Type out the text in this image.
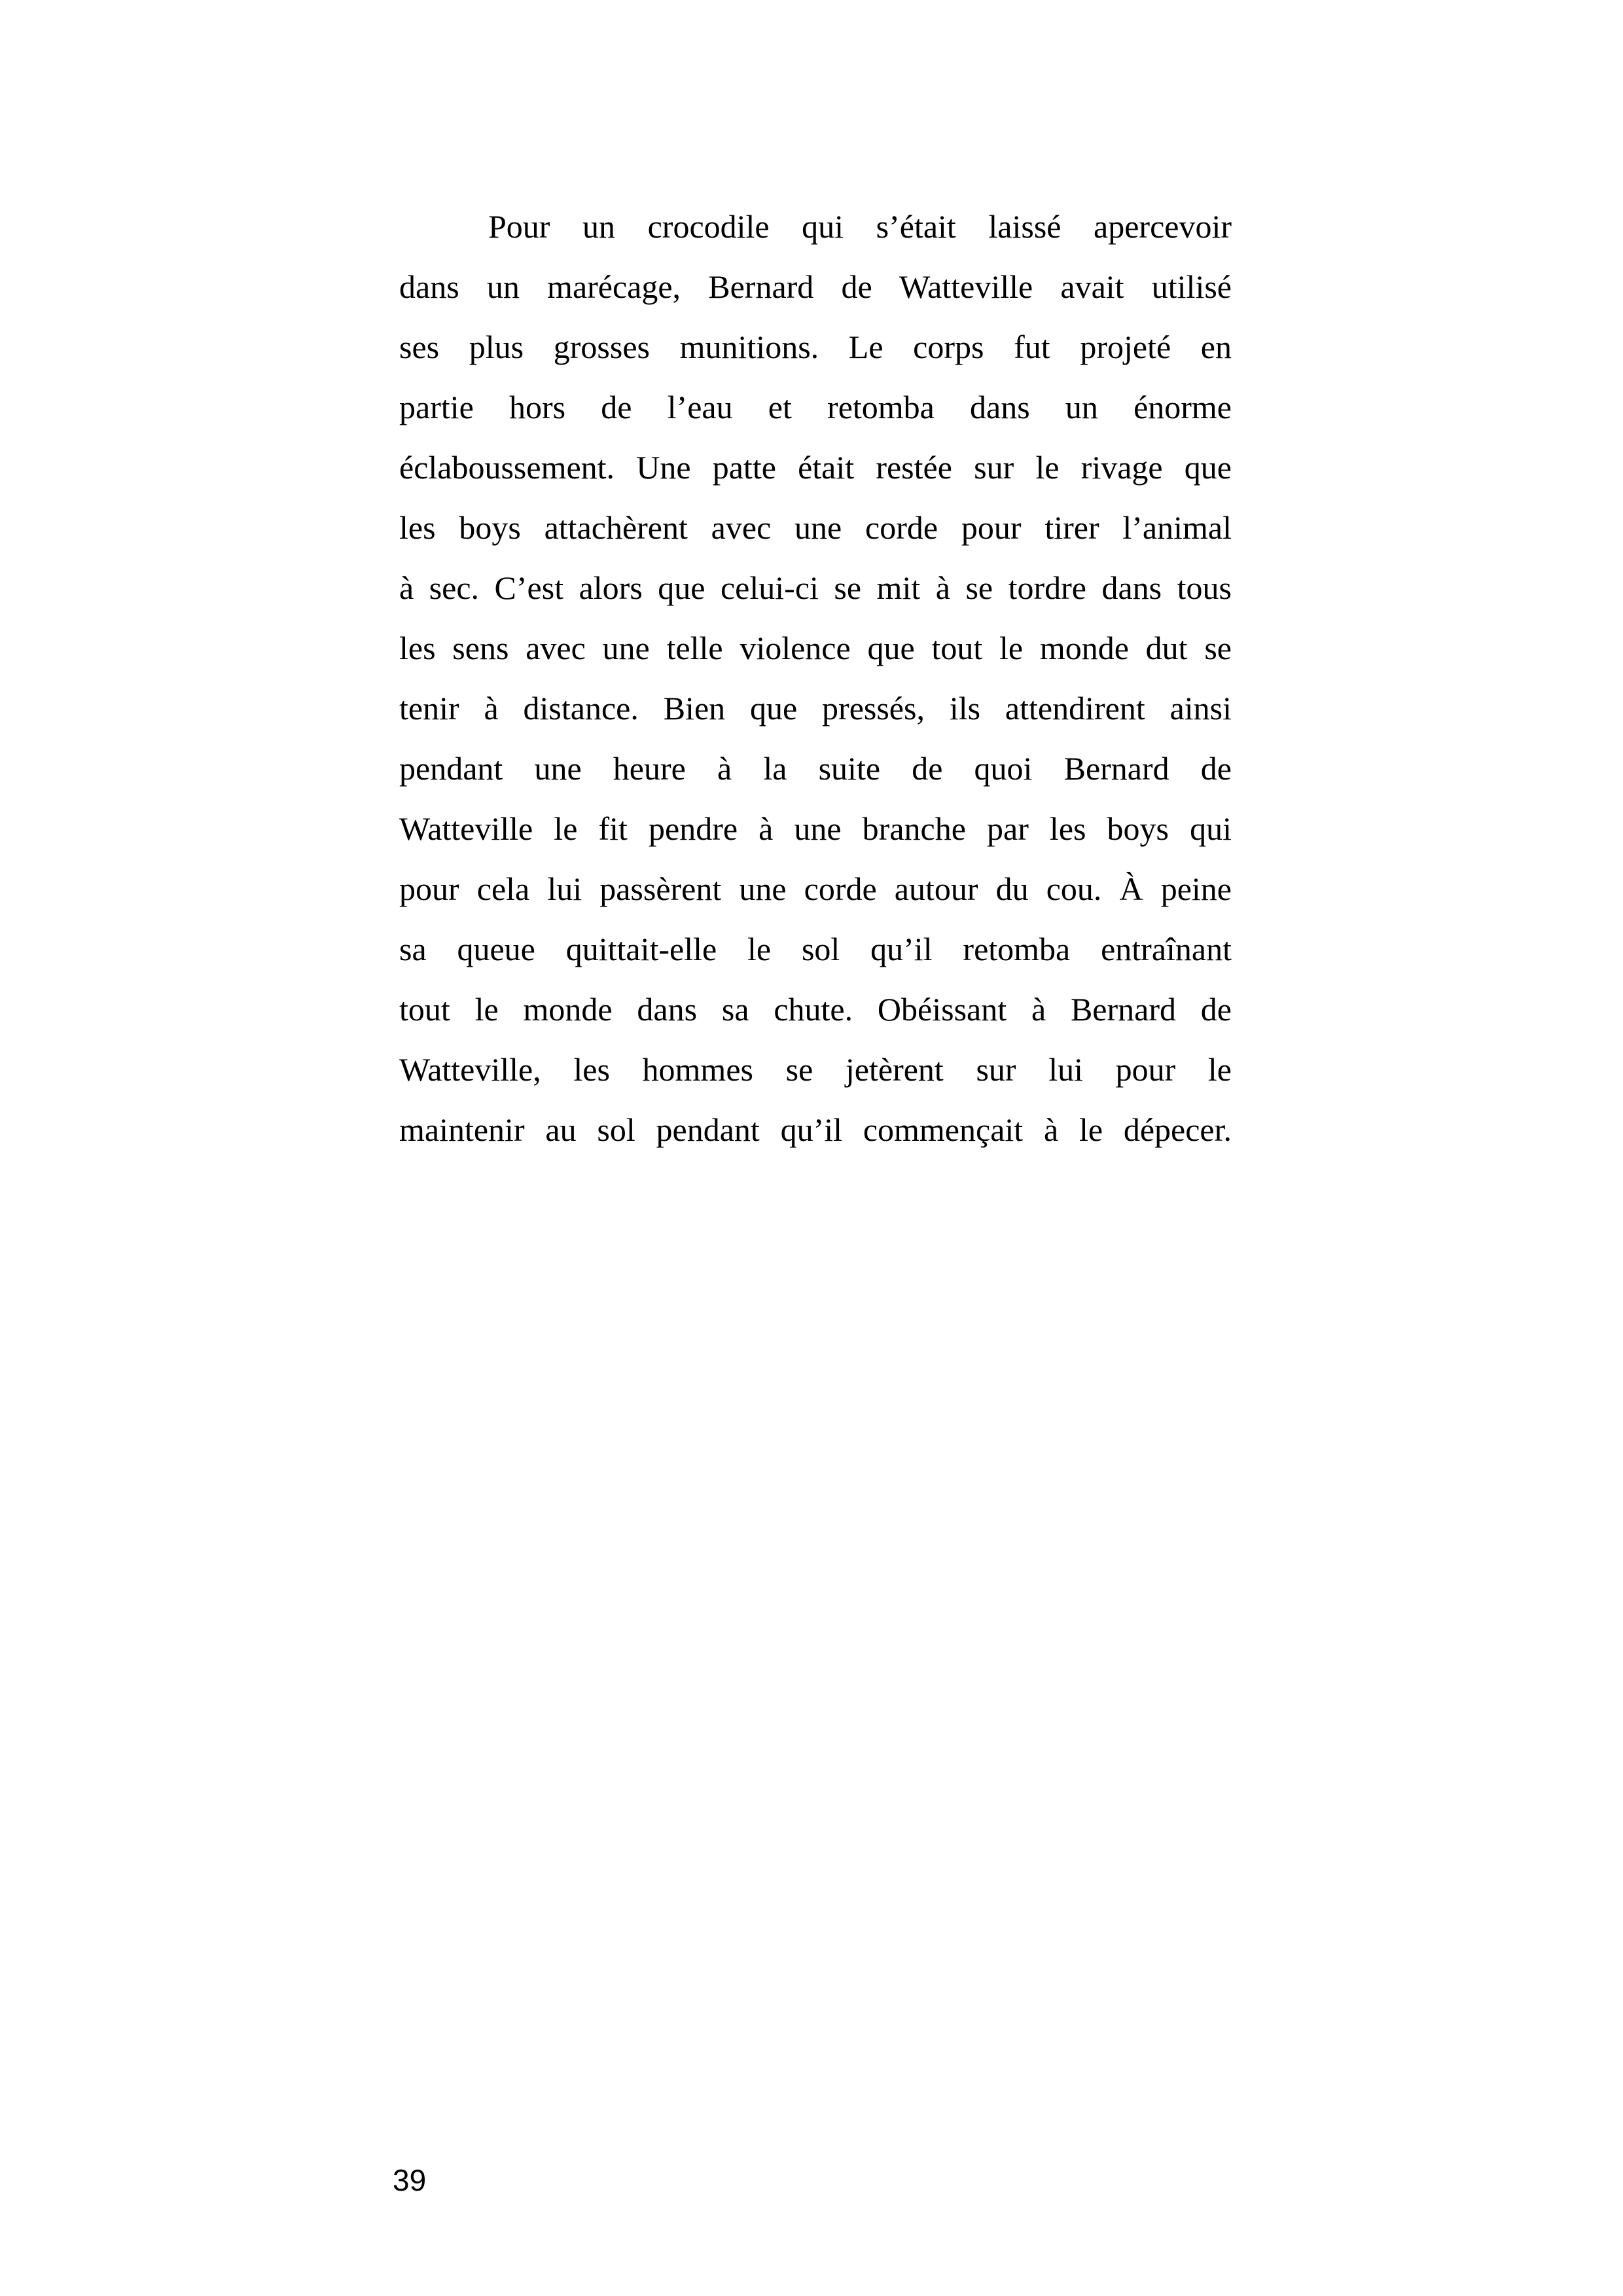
Pour un crocodile qui s’était laissé apercevoir
dans un marécage, Bernard de Watteville avait utilisé
ses plus grosses munitions. Le corps fut projeté en
partie hors de l’eau et retomba dans un énorme
éclaboussement. Une patte était restée sur le rivage que
les boys attachèrent avec une corde pour tirer l’animal
à sec. C’est alors que celui-ci se mit à se tordre dans tous
les sens avec une telle violence que tout le monde dut se
tenir à distance. Bien que pressés, ils attendirent ainsi
pendant une heure à la suite de quoi Bernard de
Watteville le fit pendre à une branche par les boys qui
pour cela lui passèrent une corde autour du cou. À peine
sa queue quittait-elle le sol qu’il retomba entraînant
tout le monde dans sa chute. Obéissant à Bernard de
Watteville, les hommes se jetèrent sur lui pour le
maintenir au sol pendant qu’il commençait à le dépecer.
39
